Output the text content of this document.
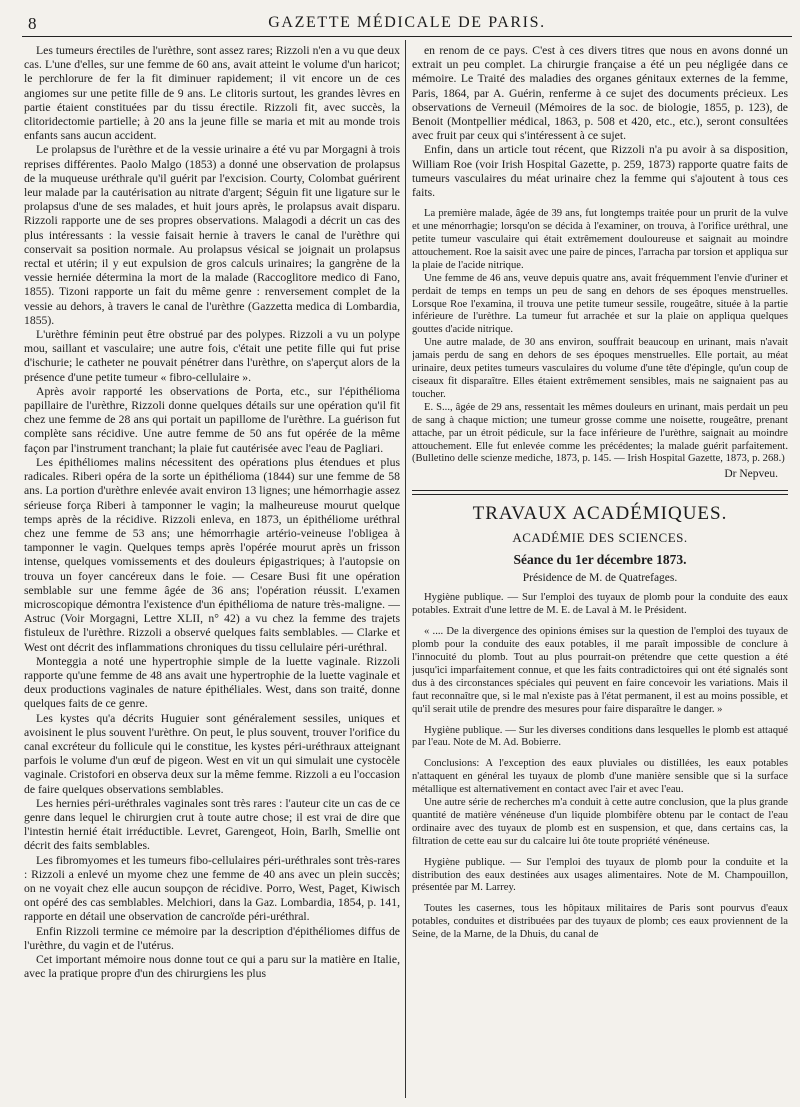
8	GAZETTE MÉDICALE DE PARIS.

Les tumeurs érectiles de l'urèthre, sont assez rares; Rizzoli n'en a vu que deux cas. L'une d'elles, sur une femme de 60 ans, avait atteint le volume d'un haricot; le perchlorure de fer la fit diminuer rapidement; il vit encore un de ces angiomes sur une petite fille de 9 ans. Le clitoris surtout, les grandes lèvres en partie étaient constituées par du tissu érectile. Rizzoli fit, avec succès, la clitoridectomie partielle; à 20 ans la jeune fille se maria et mit au monde trois enfants sans aucun accident.

Le prolapsus de l'urèthre et de la vessie urinaire a été vu par Morgagni à trois reprises différentes. Paolo Malgo (1853) a donné une observation de prolapsus de la muqueuse uréthrale qu'il guérit par l'excision. Courty, Colombat guérirent leur malade par la cautérisation au nitrate d'argent; Séguin fit une ligature sur le prolapsus d'une de ses malades, et huit jours après, le prolapsus avait disparu. Rizzoli rapporte une de ses propres observations. Malagodi a décrit un cas des plus intéressants : la vessie faisait hernie à travers le canal de l'urèthre qui conservait sa position normale. Au prolapsus vésical se joignait un prolapsus rectal et utérin; il y eut expulsion de gros calculs urinaires; la gangrène de la vessie herniée détermina la mort de la malade (Raccoglitore medico di Fano, 1855). Tizoni rapporte un fait du même genre : renversement complet de la vessie au dehors, à travers le canal de l'urèthre (Gazzetta medica di Lombardia, 1855).

L'urèthre féminin peut être obstrué par des polypes. Rizzoli a vu un polype mou, saillant et vasculaire; une autre fois, c'était une petite fille qui fut prise d'ischurie; le catheter ne pouvait pénétrer dans l'urèthre, on s'aperçut alors de la présence d'une petite tumeur « fibro-cellulaire ».

Après avoir rapporté les observations de Porta, etc., sur l'épithélioma papillaire de l'urèthre, Rizzoli donne quelques détails sur une opération qu'il fit chez une femme de 28 ans qui portait un papillome de l'urèthre. La guérison fut complète sans récidive. Une autre femme de 50 ans fut opérée de la même façon par l'instrument tranchant; la plaie fut cautérisée avec l'eau de Pagliari.

Les épithéliomes malins nécessitent des opérations plus étendues et plus radicales. Riberi opéra de la sorte un épithélioma (1844) sur une femme de 58 ans. La portion d'urèthre enlevée avait environ 13 lignes; une hémorrhagie assez sérieuse força Riberi à tamponner le vagin; la malheureuse mourut quelque temps après de la récidive. Rizzoli enleva, en 1873, un épithéliome uréthral chez une femme de 53 ans; une hémorrhagie artério-veineuse l'obligea à tamponner le vagin. Quelques temps après l'opérée mourut après un frisson intense, quelques vomissements et des douleurs épigastriques; à l'autopsie on trouva un foyer cancéreux dans le foie. — Cesare Busi fit une opération semblable sur une femme âgée de 36 ans; l'opération réussit. L'examen microscopique démontra l'existence d'un épithélioma de nature très-maligne. —Astruc (Voir Morgagni, Lettre XLII, n° 42) a vu chez la femme des trajets fistuleux de l'urèthre. Rizzoli a observé quelques faits semblables. — Clarke et West ont décrit des inflammations chroniques du tissu cellulaire péri-uréthral.

Monteggia a noté une hypertrophie simple de la luette vaginale. Rizzoli rapporte qu'une femme de 48 ans avait une hypertrophie de la luette vaginale et deux productions vaginales de nature épithéliales. West, dans son traité, donne quelques faits de ce genre.

Les kystes qu'a décrits Huguier sont généralement sessiles, uniques et avoisinent le plus souvent l'urèthre. On peut, le plus souvent, trouver l'orifice du canal excréteur du follicule qui le constitue, les kystes péri-uréthraux atteignant parfois le volume d'un œuf de pigeon. West en vit un qui simulait une cystocèle vaginale. Cristofori en observa deux sur la même femme. Rizzoli a eu l'occasion de faire quelques observations semblables.

Les hernies péri-uréthrales vaginales sont très rares : l'auteur cite un cas de ce genre dans lequel le chirurgien crut à toute autre chose; il est vrai de dire que l'intestin hernié était irréductible. Levret, Garengeot, Hoin, Barlh, Smellie ont décrit des faits semblables.

Les fibromyomes et les tumeurs fibo-cellulaires péri-uréthrales sont très-rares : Rizzoli a enlevé un myome chez une femme de 40 ans avec un plein succès; on ne voyait chez elle aucun soupçon de récidive. Porro, West, Paget, Kiwisch ont opéré des cas semblables. Melchiori, dans la Gaz. Lombardia, 1854, p. 141, rapporte en détail une observation de cancroïde péri-uréthral.

Enfin Rizzoli termine ce mémoire par la description d'épithéliomes diffus de l'urèthre, du vagin et de l'utérus.

Cet important mémoire nous donne tout ce qui a paru sur la matière en Italie, avec la pratique propre d'un des chirurgiens les plus

en renom de ce pays. C'est à ces divers titres que nous en avons donné un extrait un peu complet. La chirurgie française a été un peu négligée dans ce mémoire. Le Traité des maladies des organes génitaux externes de la femme, Paris, 1864, par A. Guérin, renferme à ce sujet des documents précieux. Les observations de Verneuil (Mémoires de la soc. de biologie, 1855, p. 123), de Benoit (Montpellier médical, 1863, p. 508 et 420, etc., etc.), seront consultées avec fruit par ceux qui s'intéressent à ce sujet.

Enfin, dans un article tout récent, que Rizzoli n'a pu avoir à sa disposition, William Roe (voir Irish Hospital Gazette, p. 259, 1873) rapporte quatre faits de tumeurs vasculaires du méat urinaire chez la femme qui s'ajoutent à tous ces faits.

La première malade, âgée de 39 ans, fut longtemps traitée pour un prurit de la vulve et une ménorrhagie; lorsqu'on se décida à l'examiner, on trouva, à l'orifice uréthral, une petite tumeur vasculaire qui était extrêmement douloureuse et saignait au moindre attouchement. Roe la saisit avec une paire de pinces, l'arracha par torsion et appliqua sur la plaie de l'acide nitrique.

Une femme de 46 ans, veuve depuis quatre ans, avait fréquemment l'envie d'uriner et perdait de temps en temps un peu de sang en dehors de ses époques menstruelles. Lorsque Roe l'examina, il trouva une petite tumeur sessile, rougeâtre, située à la partie inférieure de l'urèthre. La tumeur fut arrachée et sur la plaie on appliqua quelques gouttes d'acide nitrique.

Une autre malade, de 30 ans environ, souffrait beaucoup en urinant, mais n'avait jamais perdu de sang en dehors de ses époques menstruelles. Elle portait, au méat urinaire, deux petites tumeurs vasculaires du volume d'une tête d'épingle, qu'un coup de ciseaux fit disparaître. Elles étaient extrêmement sensibles, mais ne saignaient pas au toucher.

E. S..., âgée de 29 ans, ressentait les mêmes douleurs en urinant, mais perdait un peu de sang à chaque miction; une tumeur grosse comme une noisette, rougeâtre, prenant attache, par un étroit pédicule, sur la face inférieure de l'urèthre, saignait au moindre attouchement. Elle fut enlevée comme les précédentes; la malade guérit parfaitement. (Bulletino delle scienze mediche, 1873, p. 145. — Irish Hospital Gazette, 1873, p. 268.)

Dr Nepveu.
TRAVAUX ACADÉMIQUES.
ACADÉMIE DES SCIENCES.
Séance du 1er décembre 1873.
Présidence de M. de Quatrefages.

Hygiène publique. — Sur l'emploi des tuyaux de plomb pour la conduite des eaux potables. Extrait d'une lettre de M. E. de Laval à M. le Président.

« .... De la divergence des opinions émises sur la question de l'emploi des tuyaux de plomb pour la conduite des eaux potables, il me paraît impossible de conclure à l'innocuité du plomb. Tout au plus pourrait-on prétendre que cette question a été jusqu'ici imparfaitement connue, et que les faits contradictoires qui ont été signalés sont dus à des circonstances spéciales qui peuvent en faire concevoir les variations. Mais il faut reconnaître que, si le mal n'existe pas à l'état permanent, il est au moins possible, et qu'il serait utile de prendre des mesures pour faire disparaître le danger. »

Hygiène publique. — Sur les diverses conditions dans lesquelles le plomb est attaqué par l'eau. Note de M. Ad. Bobierre.

Conclusions: A l'exception des eaux pluviales ou distillées, les eaux potables n'attaquent en général les tuyaux de plomb d'une manière sensible que si la surface métallique est alternativement en contact avec l'air et avec l'eau.

Une autre série de recherches m'a conduit à cette autre conclusion, que la plus grande quantité de matière vénéneuse d'un liquide plombifère obtenu par le contact de l'eau ordinaire avec des tuyaux de plomb est en suspension, et que, dans certains cas, la filtration de cette eau sur du calcaire lui ôte toute propriété vénéneuse.

Hygiène publique. — Sur l'emploi des tuyaux de plomb pour la conduite et la distribution des eaux destinées aux usages alimentaires. Note de M. Champouillon, présentée par M. Larrey.

Toutes les casernes, tous les hôpitaux militaires de Paris sont pourvus d'eaux potables, conduites et distribuées par des tuyaux de plomb; ces eaux proviennent de la Seine, de la Marne, de la Dhuis, du canal de
